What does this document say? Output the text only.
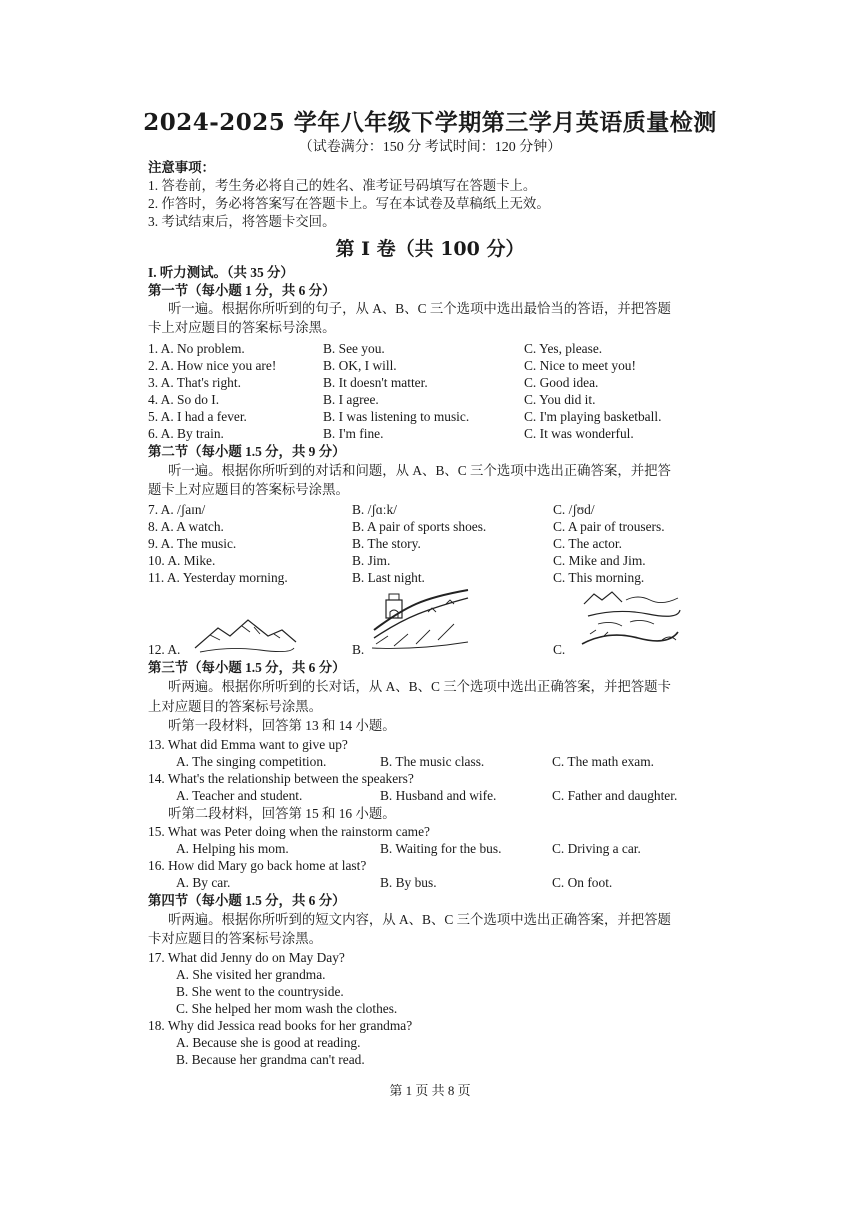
2024-2025 学年八年级下学期第三学月英语质量检测
（试卷满分：150 分 考试时间：120 分钟）
注意事项：
1. 答卷前，考生务必将自己的姓名、准考证号码填写在答题卡上。
2. 作答时，务必将答案写在答题卡上。写在本试卷及草稿纸上无效。
3. 考试结束后，将答题卡交回。
第 I 卷（共 100 分）
I. 听力测试。（共 35 分）
第一节（每小题 1 分，共 6 分）
听一遍。根据你所听到的句子，从 A、B、C 三个选项中选出最恰当的答语，并把答题
卡上对应题目的答案标号涂黑。
1. A. No problem.	B. See you.	C. Yes, please.
2. A. How nice you are!	B. OK, I will.	C. Nice to meet you!
3. A. That's right.	B. It doesn't matter.	C. Good idea.
4. A. So do I.	B. I agree.	C. You did it.
5. A. I had a fever.	B. I was listening to music.	C. I'm playing basketball.
6. A. By train.	B. I'm fine.	C. It was wonderful.
第二节（每小题 1.5 分，共 9 分）
听一遍。根据你所听到的对话和问题，从 A、B、C 三个选项中选出正确答案，并把答
题卡上对应题目的答案标号涂黑。
7. A. /ʃaɪn/	B. /ʃɑːk/	C. /ʃʊd/
8. A. A watch.	B. A pair of sports shoes.	C. A pair of trousers.
9. A. The music.	B. The story.	C. The actor.
10. A. Mike.	B. Jim.	C. Mike and Jim.
11. A. Yesterday morning.	B. Last night.	C. This morning.
12. A.	B.	C.
第三节（每小题 1.5 分，共 6 分）
听两遍。根据你所听到的长对话，从 A、B、C 三个选项中选出正确答案，并把答题卡
上对应题目的答案标号涂黑。
听第一段材料，回答第 13 和 14 小题。
13. What did Emma want to give up?
A. The singing competition.	B. The music class.	C. The math exam.
14. What's the relationship between the speakers?
A. Teacher and student.	B. Husband and wife.	C. Father and daughter.
听第二段材料，回答第 15 和 16 小题。
15. What was Peter doing when the rainstorm came?
A. Helping his mom.	B. Waiting for the bus.	C. Driving a car.
16. How did Mary go back home at last?
A. By car.	B. By bus.	C. On foot.
第四节（每小题 1.5 分，共 6 分）
听两遍。根据你所听到的短文内容，从 A、B、C 三个选项中选出正确答案，并把答题
卡对应题目的答案标号涂黑。
17. What did Jenny do on May Day?
A. She visited her grandma.
B. She went to the countryside.
C. She helped her mom wash the clothes.
18. Why did Jessica read books for her grandma?
A. Because she is good at reading.
B. Because her grandma can't read.
第 1 页 共 8 页
